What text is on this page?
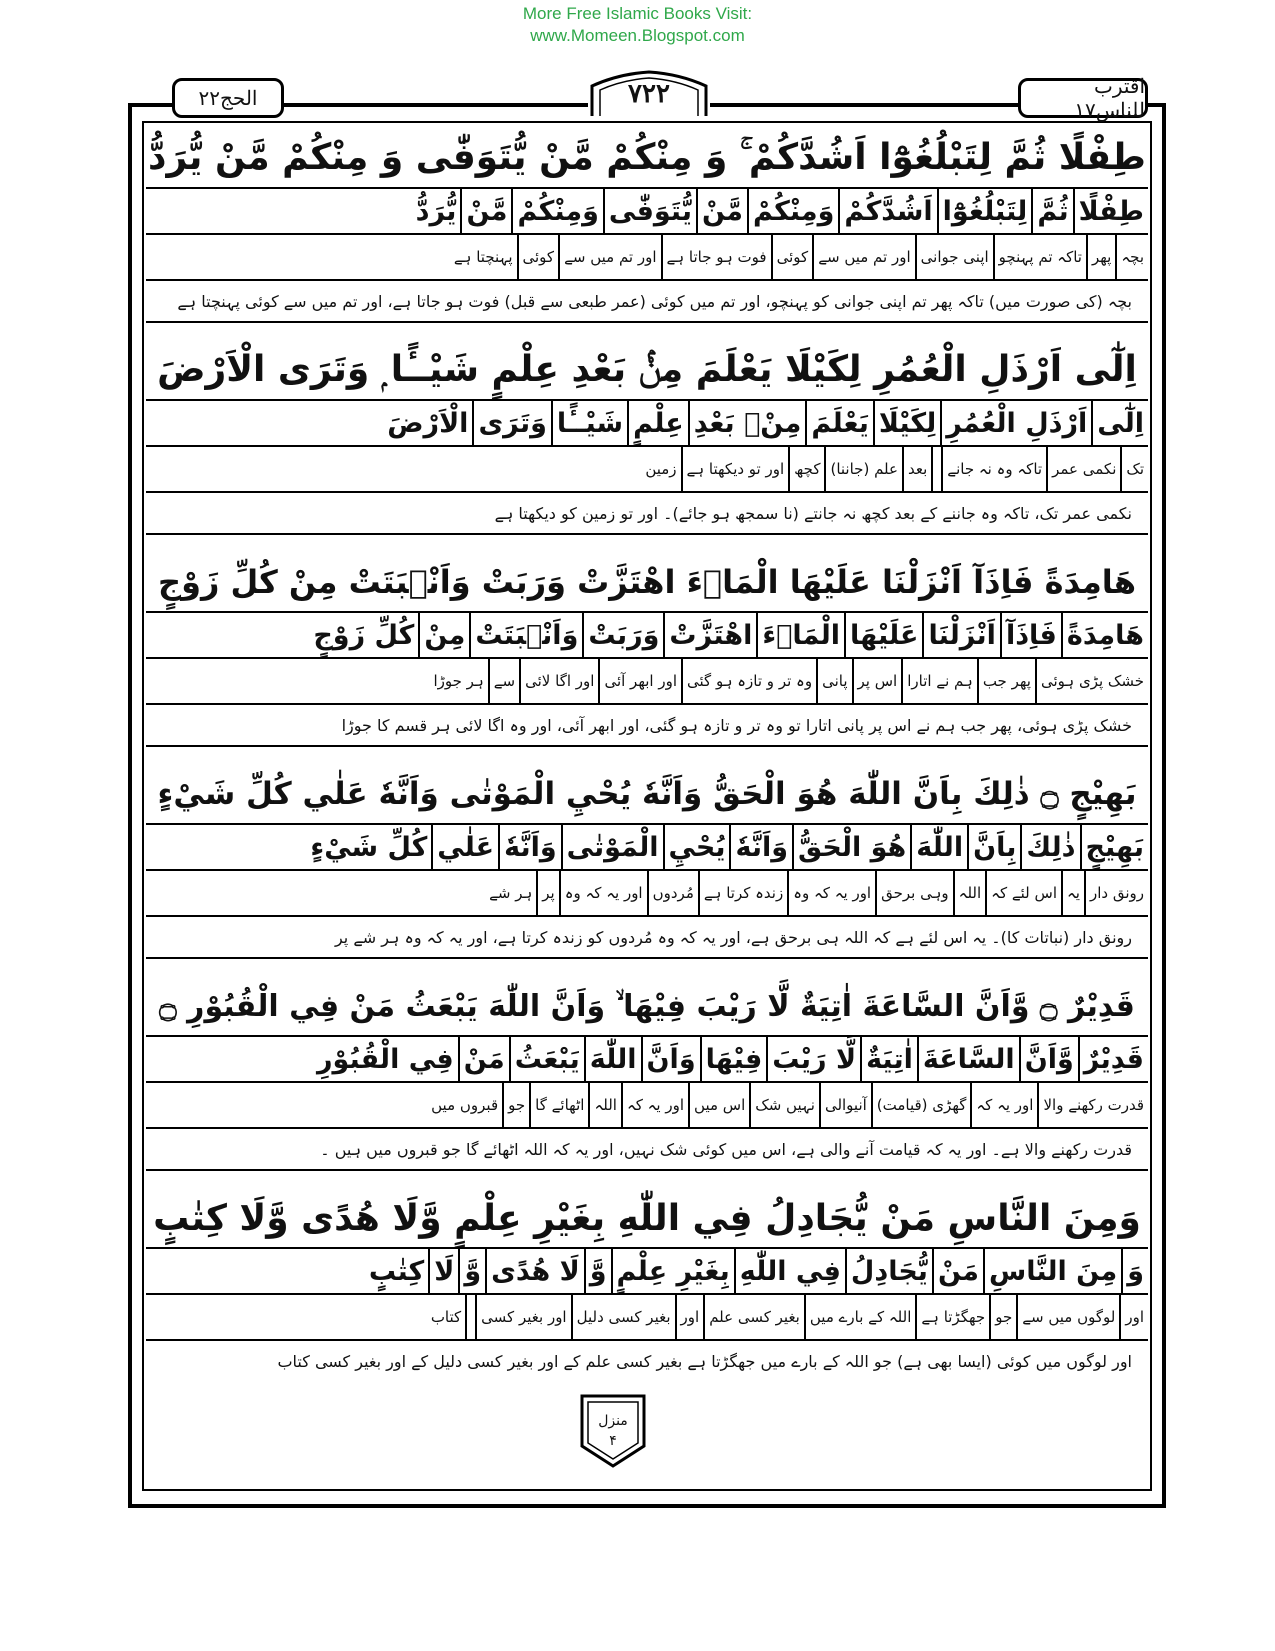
More Free Islamic Books Visit:
www.Momeen.Blogspot.com
الحج۲۲	۷۲۲	اقترب للناس۱۷
طِفْلًا ثُمَّ لِتَبْلُغُوْٓا اَشُدَّكُمْ ۚ وَ مِنْكُمْ مَّنْ يُّتَوَفّٰى وَ مِنْكُمْ مَّنْ يُّرَدُّ
طِفْلًا
ثُمَّ
لِتَبْلُغُوْٓا
اَشُدَّكُمْ
وَمِنْكُمْ
مَّنْ
يُّتَوَفّٰى
وَمِنْكُمْ
مَّنْ
يُّرَدُّ
بچہ
پھر
تاکہ تم پہنچو
اپنی جوانی
اور تم میں سے
کوئی
فوت ہو جاتا ہے
اور تم میں سے
کوئی
پہنچتا ہے
بچہ (کی صورت میں) تاکہ پھر تم اپنی جوانی کو پہنچو، اور تم میں کوئی (عمر طبعی سے قبل) فوت ہو جاتا ہے، اور تم میں سے کوئی پہنچتا ہے
اِلٰٓى اَرْذَلِ الْعُمُرِ لِكَيْلَا يَعْلَمَ مِنْۢ بَعْدِ عِلْمٍ شَيْــًٔا ۭ وَتَرَى الْاَرْضَ
اِلٰٓى
اَرْذَلِ الْعُمُرِ
لِكَيْلَا
يَعْلَمَ
مِنْۢ بَعْدِ
عِلْمٍ
شَيْــًٔا
وَتَرَى
الْاَرْضَ
تک
نکمی عمر
تاکہ وہ نہ جانے
بعد
علم (جاننا)
کچھ
اور تو دیکھتا ہے
زمین
نکمی عمر تک، تاکہ وہ جاننے کے بعد کچھ نہ جانتے (نا سمجھ ہو جائے)۔ اور تو زمین کو دیکھتا ہے
هَامِدَةً فَاِذَآ اَنْزَلْنَا عَلَيْهَا الْمَاۗءَ اهْتَزَّتْ وَرَبَتْ وَاَنْۢبَتَتْ مِنْ كُلِّ زَوْجٍ
هَامِدَةً
فَاِذَآ
اَنْزَلْنَا
عَلَيْهَا
الْمَاۗءَ
اهْتَزَّتْ
وَرَبَتْ
وَاَنْۢبَتَتْ
مِنْ
كُلِّ زَوْجٍ
خشک پڑی ہوئی
پھر جب
ہم نے اتارا
اس پر
پانی
وہ تر و تازہ ہو گئی
اور ابھر آئی
اور اگا لائی
سے
ہر جوڑا
خشک پڑی ہوئی، پھر جب ہم نے اس پر پانی اتارا تو وہ تر و تازہ ہو گئی، اور ابھر آئی، اور وہ اگا لائی ہر قسم کا جوڑا
بَهِيْجٍ ۝ ذٰلِكَ بِاَنَّ اللّٰهَ هُوَ الْحَقُّ وَاَنَّهٗ يُحْيِ الْمَوْتٰى وَاَنَّهٗ عَلٰي كُلِّ شَيْءٍ
بَهِيْجٍ
ذٰلِكَ
بِاَنَّ
اللّٰهَ
هُوَ الْحَقُّ
وَاَنَّهٗ
يُحْيِ
الْمَوْتٰى
وَاَنَّهٗ
عَلٰي
كُلِّ شَيْءٍ
رونق دار
یہ
اس لئے کہ
اللہ
وہی برحق
اور یہ کہ وہ
زندہ کرتا ہے
مُردوں
اور یہ کہ وہ
پر
ہر شے
رونق دار (نباتات کا)۔ یہ اس لئے ہے کہ اللہ ہی برحق ہے، اور یہ کہ وہ مُردوں کو زندہ کرتا ہے، اور یہ کہ وہ ہر شے پر
قَدِيْرٌ ۝ وَّاَنَّ السَّاعَةَ اٰتِيَةٌ لَّا رَيْبَ فِيْهَا ۙ وَاَنَّ اللّٰهَ يَبْعَثُ مَنْ فِي الْقُبُوْرِ ۝
قَدِيْرٌ
وَّاَنَّ
السَّاعَةَ
اٰتِيَةٌ
لَّا رَيْبَ
فِيْهَا
وَاَنَّ
اللّٰهَ
يَبْعَثُ
مَنْ
فِي الْقُبُوْرِ
قدرت رکھنے والا
اور یہ کہ
گھڑی (قیامت)
آنیوالی
نہیں شک
اس میں
اور یہ کہ
اللہ
اٹھائے گا
جو
قبروں میں
قدرت رکھنے والا ہے۔ اور یہ کہ قیامت آنے والی ہے، اس میں کوئی شک نہیں، اور یہ کہ اللہ اٹھائے گا جو قبروں میں ہیں ۔
وَمِنَ النَّاسِ مَنْ يُّجَادِلُ فِي اللّٰهِ بِغَيْرِ عِلْمٍ وَّلَا هُدًى وَّلَا كِتٰبٍ
وَ
مِنَ النَّاسِ
مَنْ
يُّجَادِلُ
فِي اللّٰهِ
بِغَيْرِ عِلْمٍ
وَّ
لَا هُدًى
وَّ
لَا
كِتٰبٍ
اور
لوگوں میں سے
جو
جھگڑتا ہے
اللہ کے بارے میں
بغیر کسی علم
اور
بغیر کسی دلیل
اور بغیر کسی
کتاب
اور لوگوں میں کوئی (ایسا بھی ہے) جو اللہ کے بارے میں جھگڑتا ہے بغیر کسی علم کے اور بغیر کسی دلیل کے اور بغیر کسی کتاب
منزل
۴
